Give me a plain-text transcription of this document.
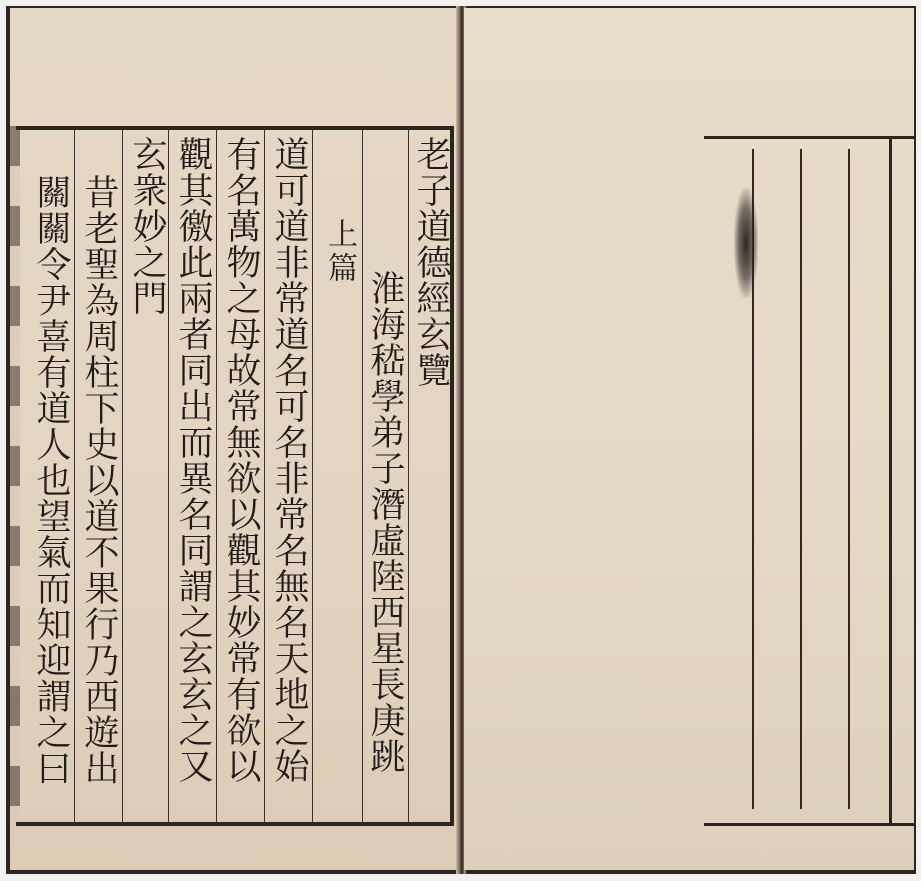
老子道德經玄覽
淮海嵇學弟子潛虛陸西星長庚跳
上篇
道可道非常道名可名非常名無名天地之始
有名萬物之母故常無欲以觀其妙常有欲以
觀其徼此兩者同出而異名同謂之玄玄之又
玄衆妙之門
昔老聖為周柱下史以道不果行乃西遊出
關關令尹喜有道人也望氣而知迎謂之曰
